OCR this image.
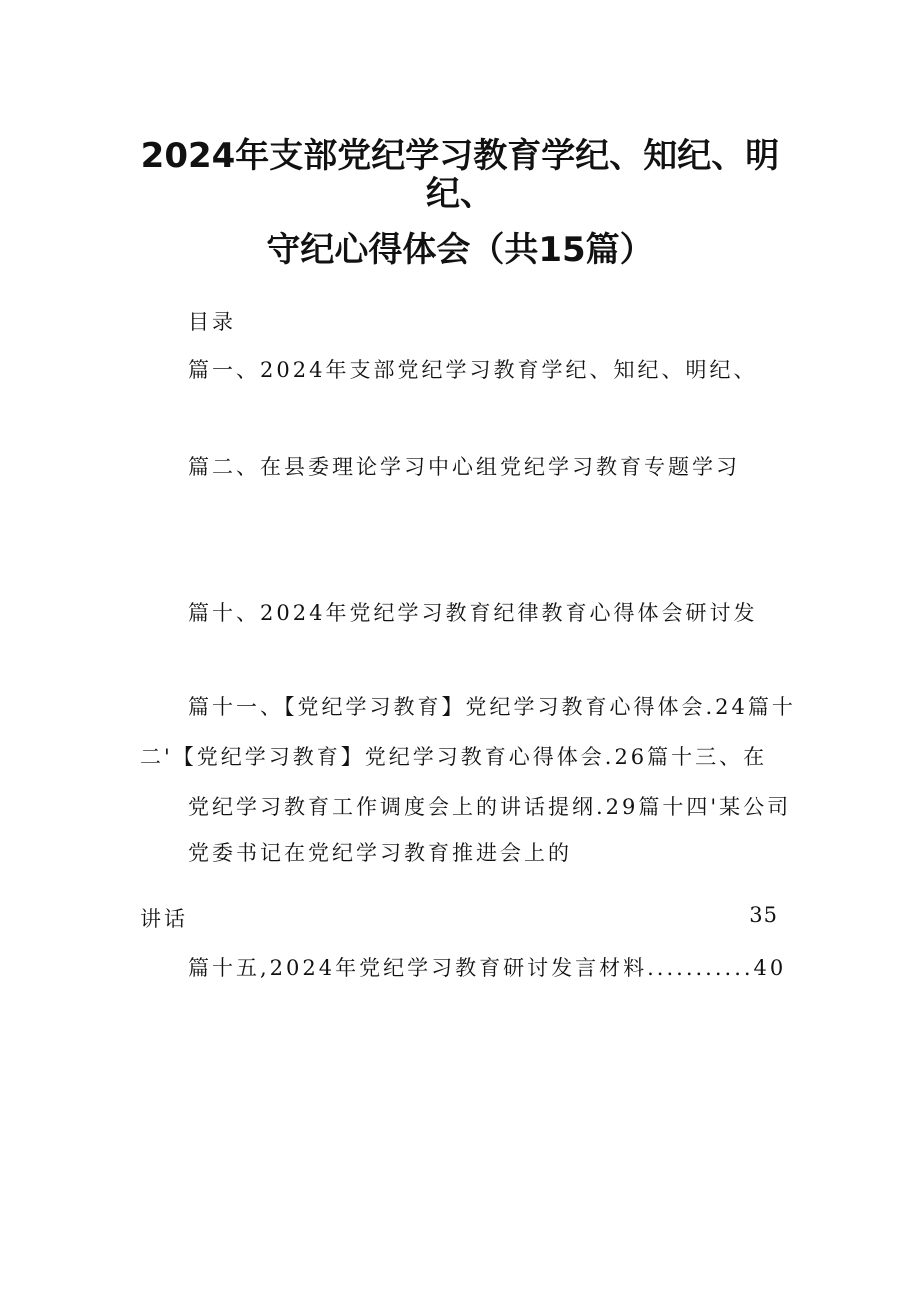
2024年支部党纪学习教育学纪、知纪、明
纪、
守纪心得体会（共15篇）
目录
篇一、2024年支部党纪学习教育学纪、知纪、明纪、
篇二、在县委理论学习中心组党纪学习教育专题学习
篇十、2024年党纪学习教育纪律教育心得体会研讨发
篇十一、【党纪学习教育】党纪学习教育心得体会.24篇十
二'【党纪学习教育】党纪学习教育心得体会.26篇十三、在
党纪学习教育工作调度会上的讲话提纲.29篇十四'某公司
党委书记在党纪学习教育推进会上的
讲话	35
篇十五,2024年党纪学习教育研讨发言材料...........40
